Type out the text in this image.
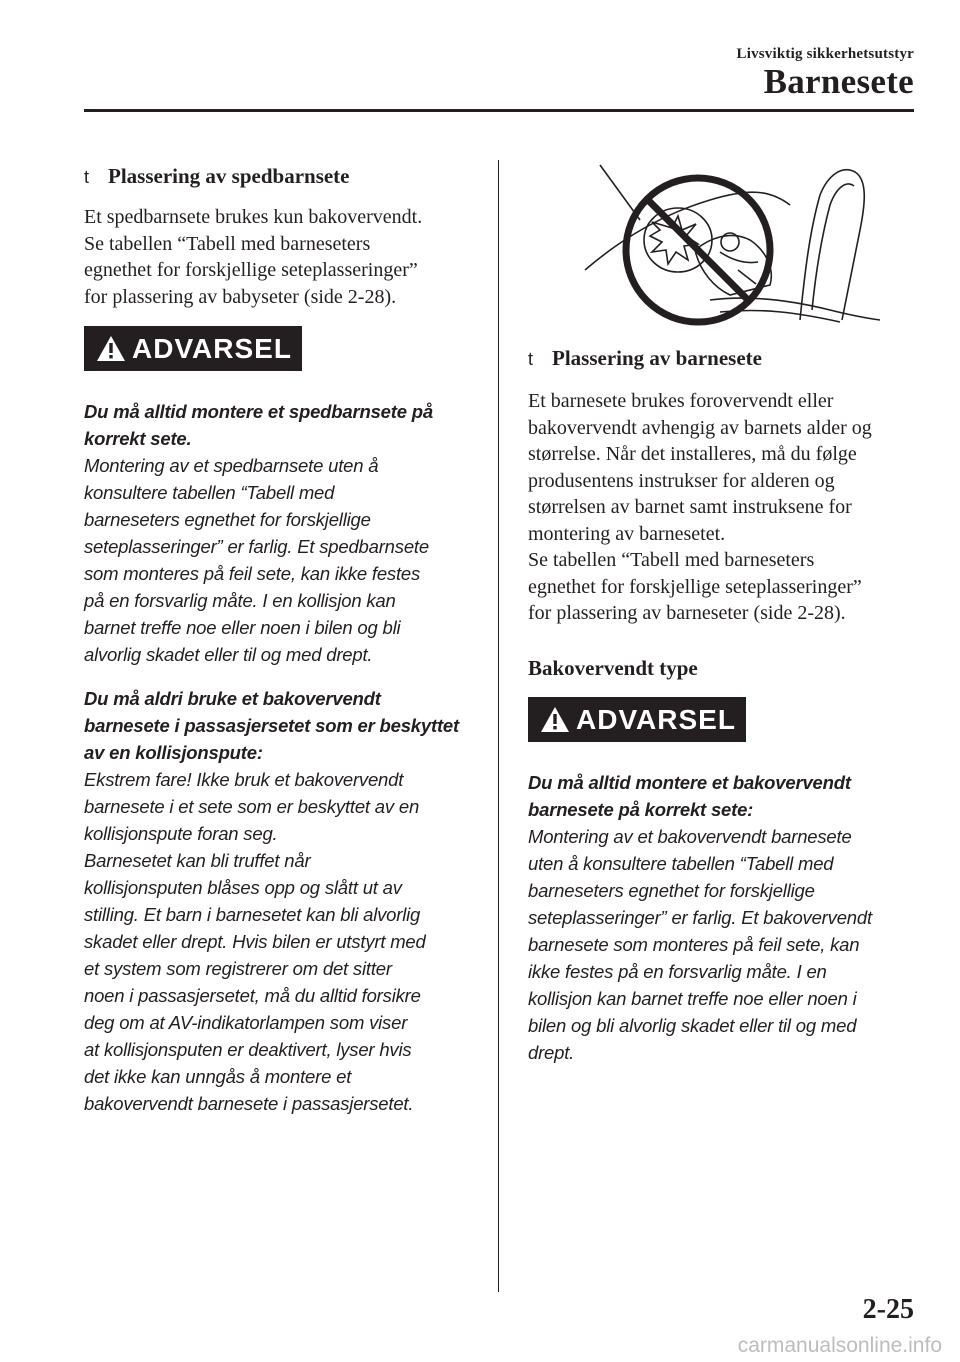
Livsviktig sikkerhetsutstyr
Barnesete
t Plassering av spedbarnsete
Et spedbarnsete brukes kun bakovervendt.
Se tabellen “Tabell med barneseters
egnethet for forskjellige seteplasseringer”
for plassering av babyseter (side 2-28).
ADVARSEL

Du må alltid montere et spedbarnsete på

korrekt sete.

Montering av et spedbarnsete uten å

konsultere tabellen “Tabell med

barneseters egnethet for forskjellige

seteplasseringer” er farlig. Et spedbarnsete

som monteres på feil sete, kan ikke festes

på en forsvarlig måte. I en kollisjon kan

barnet treffe noe eller noen i bilen og bli

alvorlig skadet eller til og med drept.

Du må aldri bruke et bakovervendt

barnesete i passasjersetet som er beskyttet

av en kollisjonspute:

Ekstrem fare! Ikke bruk et bakovervendt

barnesete i et sete som er beskyttet av en

kollisjonspute foran seg.

Barnesetet kan bli truffet når

kollisjonsputen blåses opp og slått ut av

stilling. Et barn i barnesetet kan bli alvorlig

skadet eller drept. Hvis bilen er utstyrt med

et system som registrerer om det sitter

noen i passasjersetet, må du alltid forsikre

deg om at AV-indikatorlampen som viser

at kollisjonsputen er deaktivert, lyser hvis

det ikke kan unngås å montere et

bakovervendt barnesete i passasjersetet.

t Plassering av barnesete
Et barnesete brukes forovervendt eller
bakovervendt avhengig av barnets alder og
størrelse. Når det installeres, må du følge
produsentens instrukser for alderen og
størrelsen av barnet samt instruksene for
montering av barnesetet.
Se tabellen “Tabell med barneseters
egnethet for forskjellige seteplasseringer”
for plassering av barneseter (side 2-28).
Bakovervendt type
ADVARSEL

Du må alltid montere et bakovervendt

barnesete på korrekt sete:

Montering av et bakovervendt barnesete

uten å konsultere tabellen “Tabell med

barneseters egnethet for forskjellige

seteplasseringer” er farlig. Et bakovervendt

barnesete som monteres på feil sete, kan

ikke festes på en forsvarlig måte. I en

kollisjon kan barnet treffe noe eller noen i

bilen og bli alvorlig skadet eller til og med

drept.

2-25
carmanualsonline.info
